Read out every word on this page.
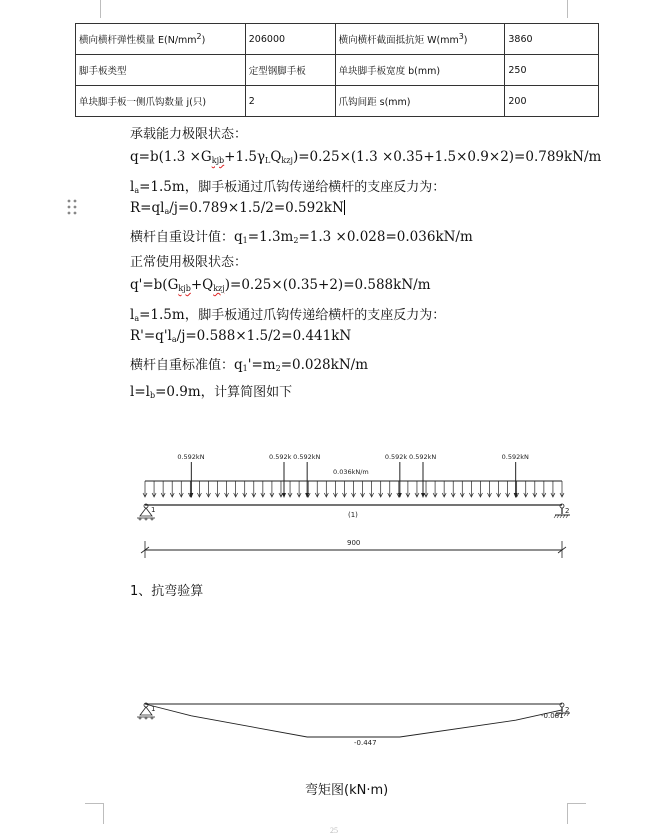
横向横杆弹性模量 $E(N/mm^2)$	206000	横向横杆截面抵抗矩 $W(mm^3)$	3860
脚手板类型	定型钢脚手板	单块脚手板宽度 b(mm)	250
单块脚手板一侧爪钩数量 j(只)	2	爪钩间距 s(mm)	200
承载能力极限状态：
$q=b(1.3 \times G_{kjb}+1.5\gamma_LQ_{kzj})=0.25\times(1.3 \times 0.35+1.5\times 0.9\times 2)=0.789kN/m$
$l_a=1.5m$，脚手板通过爪钩传递给横杆的支座反力为：
$R=ql_a/j=0.789\times 1.5/2=0.592kN$
横杆自重设计值：$q_1=1.3m_2=1.3 \times 0.028=0.036kN/m$
正常使用极限状态：
$q'=b(G_{kjb}+Q_{kzj})=0.25\times(0.35+2)=0.588kN/m$
$l_a=1.5m$，脚手板通过爪钩传递给横杆的支座反力为：
$R'=q'l_a/j=0.588\times 1.5/2=0.441kN$
横杆自重标准值：$q_1'=m_2=0.028kN/m$
$l=l_b=0.9m$，计算简图如下
0.592kN	0.592k 0.592kN	0.592k 0.592kN	0.592kN
0.036kN/m
(1)
1	2
900
1、抗弯验算
1	2
-0.447
-0.081
弯矩图(kN·m)
25
